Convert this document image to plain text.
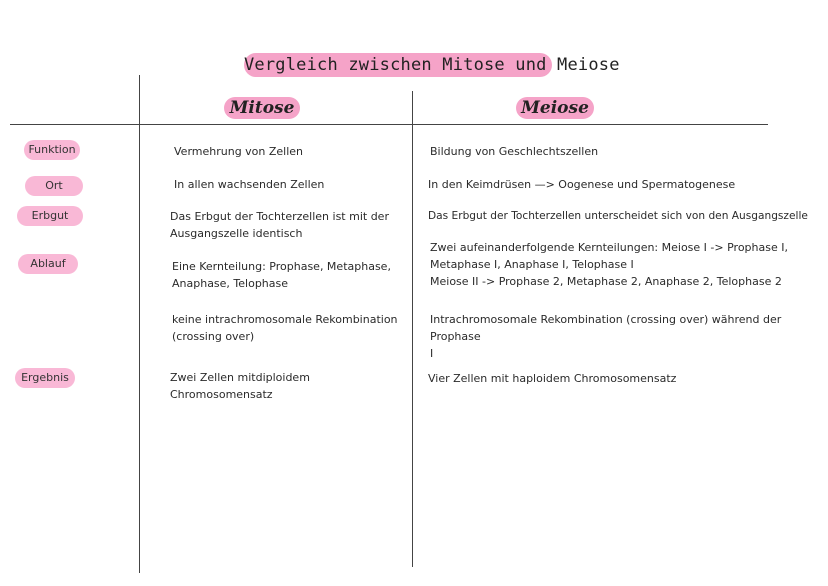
Vergleich zwischen Mitose und Meiose
Mitose	Meiose
Funktion
Ort
Erbgut
Ablauf
Ergebnis
Vermehrung von Zellen
In allen wachsenden Zellen
Das Erbgut der Tochterzellen ist mit der
Ausgangszelle identisch
Eine Kernteilung: Prophase, Metaphase,
Anaphase, Telophase
keine intrachromosomale Rekombination
(crossing over)
Zwei Zellen mitdiploidem Chromosomensatz
Bildung von Geschlechtszellen
In den Keimdrüsen —> Oogenese und Spermatogenese
Das Erbgut der Tochterzellen unterscheidet sich von den Ausgangszelle
Zwei aufeinanderfolgende Kernteilungen: Meiose I -> Prophase I,
Metaphase I, Anaphase I, Telophase I
Meiose II -> Prophase 2, Metaphase 2, Anaphase 2, Telophase 2
Intrachromosomale Rekombination (crossing over) während der Prophase
I
Vier Zellen mit haploidem Chromosomensatz
